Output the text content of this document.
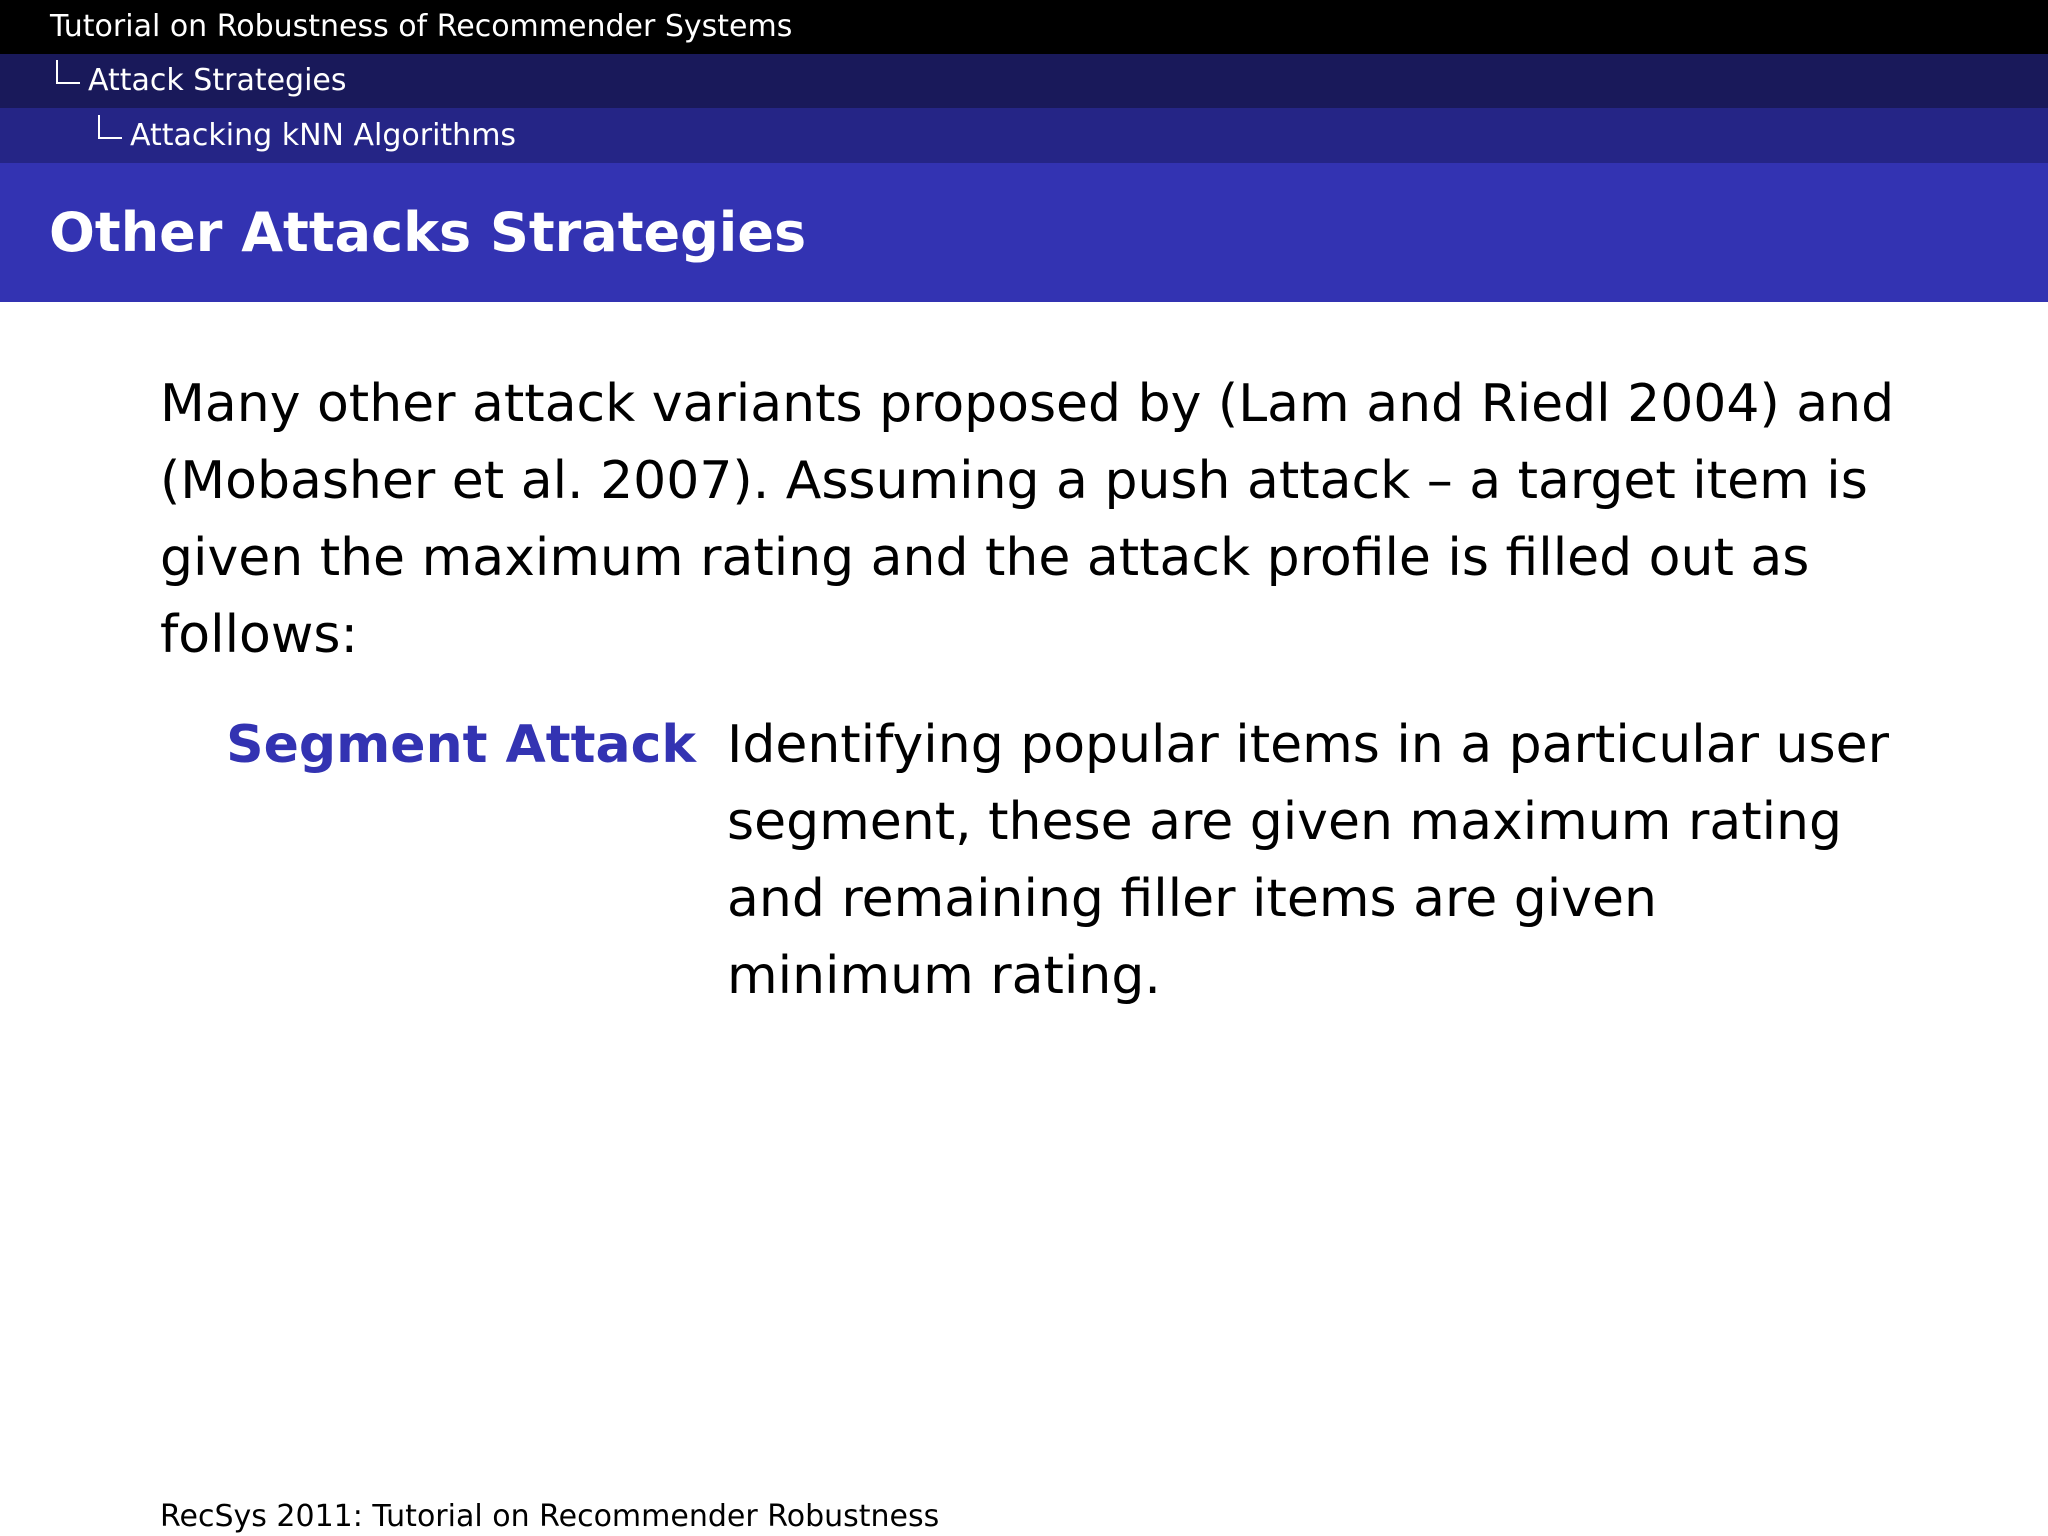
Tutorial on Robustness of Recommender Systems
Attack Strategies
Attacking kNN Algorithms
Other Attacks Strategies

Many other attack variants proposed by (Lam and Riedl 2004) and (Mobasher et al. 2007). Assuming a push attack – a target item is given the maximum rating and the attack profile is filled out as follows:

Segment Attack Identifying popular items in a particular user segment, these are given maximum rating and remaining filler items are given minimum rating.

RecSys 2011: Tutorial on Recommender Robustness
